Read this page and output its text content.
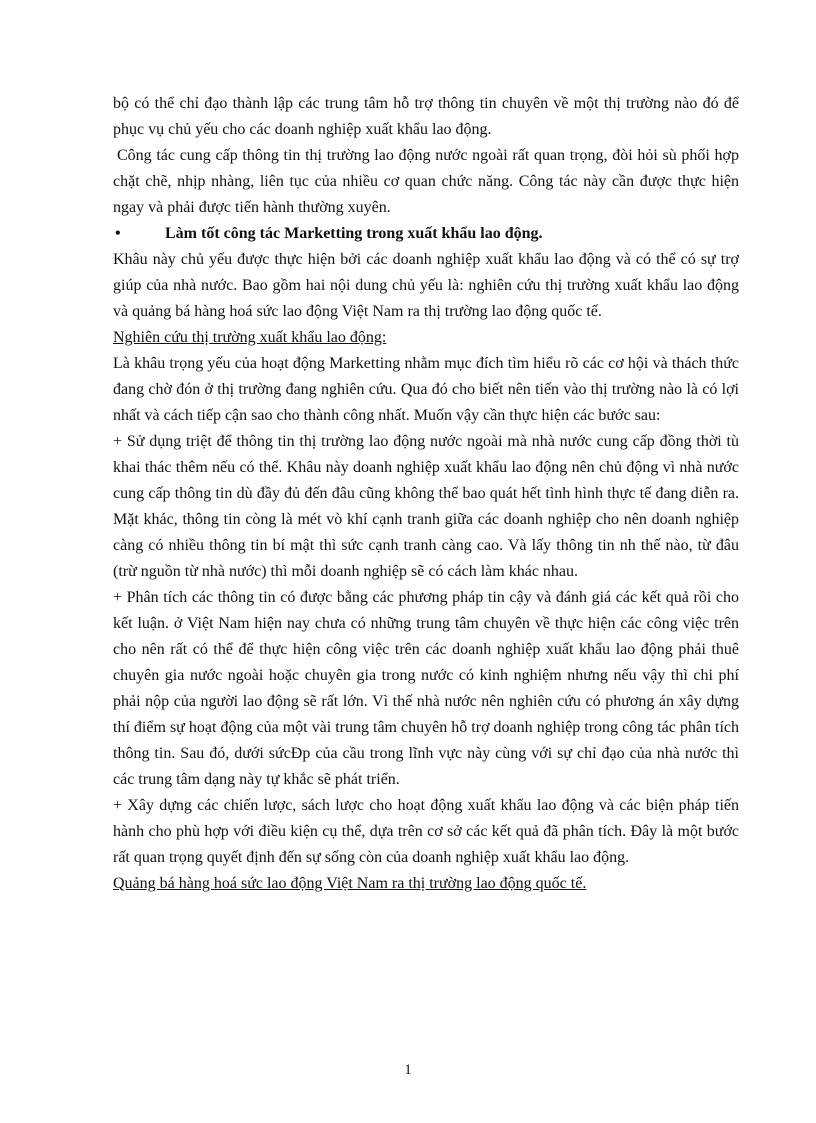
bộ có thể chỉ đạo thành lập các trung tâm hỗ trợ thông tin chuyên về một thị trường nào đó để phục vụ chủ yếu cho các doanh nghiệp xuất khẩu lao động.

Công tác cung cấp thông tin thị trường lao động nước ngoài rất quan trọng, đòi hỏi sù phối hợp chặt chẽ, nhịp nhàng, liên tục của nhiều cơ quan chức năng. Công tác này cần được thực hiện ngay và phải được tiến hành thường xuyên.

•	Làm tốt công tác Marketting trong xuất khẩu lao động.

Khâu này chủ yếu được thực hiện bởi các doanh nghiệp xuất khẩu lao động và có thể có sự trợ giúp của nhà nước. Bao gồm hai nội dung chủ yếu là: nghiên cứu thị trường xuất khẩu lao động và quảng bá hàng hoá sức lao động Việt Nam ra thị trường lao động quốc tế.

Nghiên cứu thị trường xuất khẩu lao động:

Là khâu trọng yếu của hoạt động Marketting nhằm mục đích tìm hiểu rõ các cơ hội và thách thức đang chờ đón ở thị trường đang nghiên cứu. Qua đó cho biết nên tiến vào thị trường nào là có lợi nhất và cách tiếp cận sao cho thành công nhất. Muốn vậy cần thực hiện các bước sau:

+ Sử dụng triệt để thông tin thị trường lao động nước ngoài mà nhà nước cung cấp đồng thời tù khai thác thêm nếu có thể. Khâu này doanh nghiệp xuất khẩu lao động nên chủ động vì nhà nước cung cấp thông tin dù đầy đủ đến đâu cũng không thể bao quát hết tình hình thực tế đang diễn ra. Mặt khác, thông tin còng là mét vò khí cạnh tranh giữa các doanh nghiệp cho nên doanh nghiệp càng có nhiều thông tin bí mật thì sức cạnh tranh càng cao. Và lấy thông tin nh thế nào, từ đâu (trừ nguồn từ nhà nước) thì mỗi doanh nghiệp sẽ có cách làm khác nhau.

+ Phân tích các thông tin có được bằng các phương pháp tin cậy và đánh giá các kết quả rồi cho kết luận. ở Việt Nam hiện nay chưa có những trung tâm chuyên về thực hiện các công việc trên cho nên rất có thể để thực hiện công việc trên các doanh nghiệp xuất khẩu lao động phải thuê chuyên gia nước ngoài hoặc chuyên gia trong nước có kinh nghiệm nhưng nếu vậy thì chi phí phải nộp của người lao động sẽ rất lớn. Vì thế nhà nước nên nghiên cứu có phương án xây dựng thí điểm sự hoạt động của một vài trung tâm chuyên hỗ trợ doanh nghiệp trong công tác phân tích thông tin. Sau đó, dưới sứcĐp của cầu trong lĩnh vực này cùng với sự chỉ đạo của nhà nước thì các trung tâm dạng này tự khắc sẽ phát triển.

+ Xây dựng các chiến lược, sách lược cho hoạt động xuất khẩu lao động và các biện pháp tiến hành cho phù hợp với điều kiện cụ thể, dựa trên cơ sở các kết quả đã phân tích. Đây là một bước rất quan trọng quyết định đến sự sống còn của doanh nghiệp xuất khẩu lao động.

Quảng bá hàng hoá sức lao động Việt Nam ra thị trường lao động quốc tế.

1
